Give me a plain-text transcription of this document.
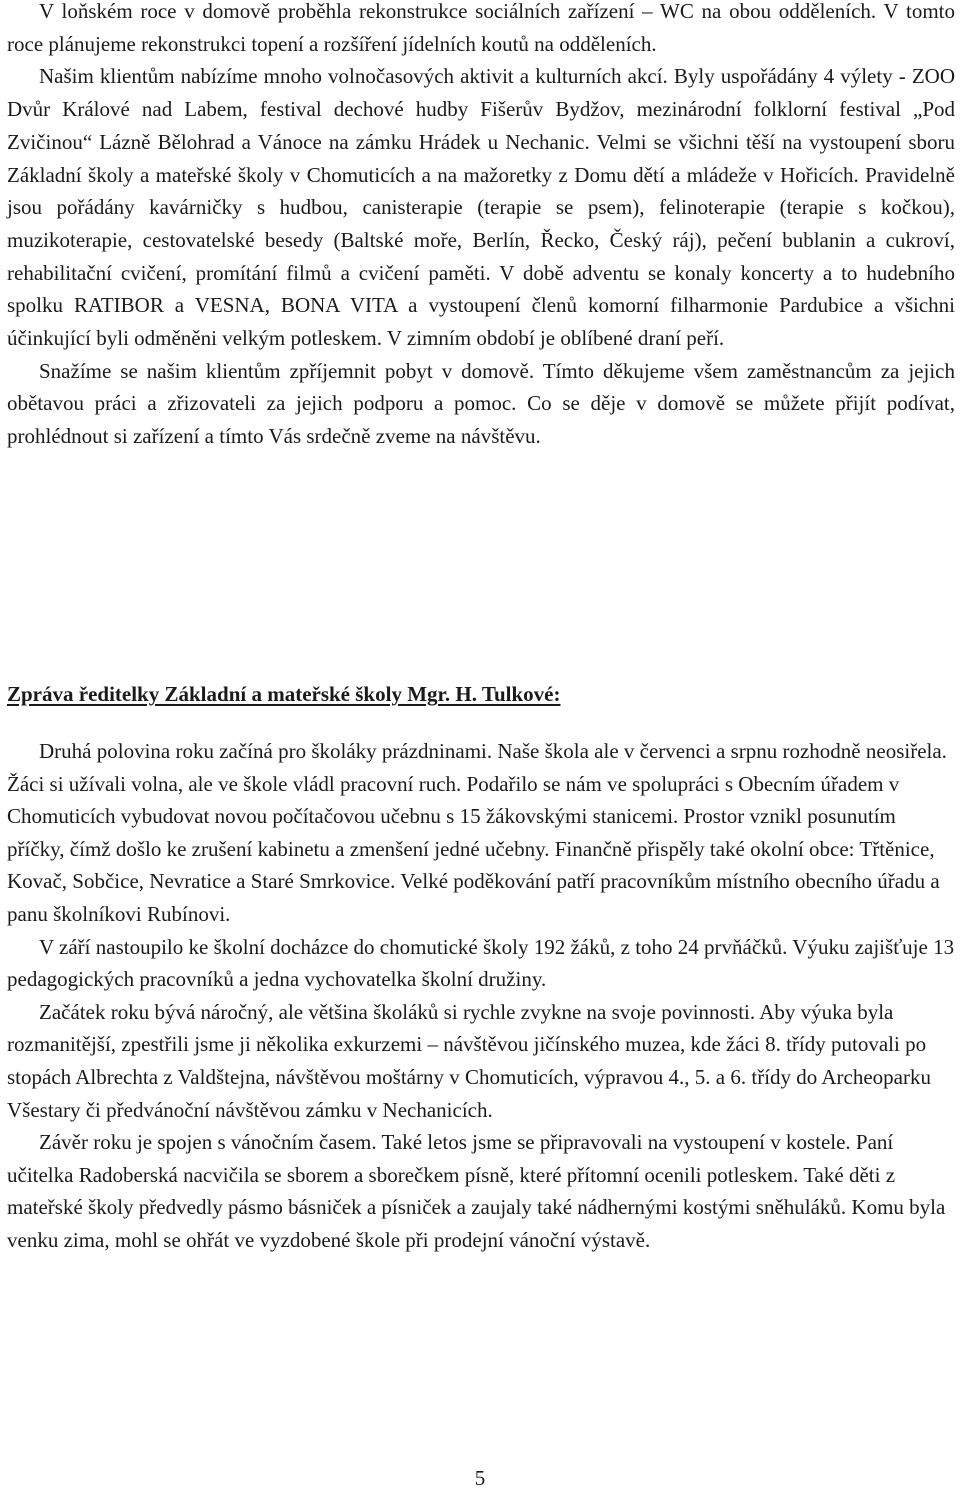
V loňském roce v domově proběhla rekonstrukce sociálních zařízení – WC na obou odděleních. V tomto roce plánujeme rekonstrukci topení a rozšíření jídelních koutů na odděleních.

Našim klientům nabízíme mnoho volnočasových aktivit a kulturních akcí. Byly uspořádány 4 výlety - ZOO Dvůr Králové nad Labem, festival dechové hudby Fišerův Bydžov, mezinárodní folklorní festival „Pod Zvičinou“ Lázně Bělohrad a Vánoce na zámku Hrádek u Nechanic. Velmi se všichni těší na vystoupení sboru Základní školy a mateřské školy v Chomuticích a na mažoretky z Domu dětí a mládeže v Hořicích. Pravidelně jsou pořádány kavárničky s hudbou, canisterapie (terapie se psem), felinoterapie (terapie s kočkou), muzikoterapie, cestovatelské besedy (Baltské moře, Berlín, Řecko, Český ráj), pečení bublanin a cukroví, rehabilitační cvičení, promítání filmů a cvičení paměti. V době adventu se konaly koncerty a to hudebního spolku RATIBOR a VESNA, BONA VITA a vystoupení členů komorní filharmonie Pardubice a všichni účinkující byli odměněni velkým potleskem. V zimním období je oblíbené draní peří.

Snažíme se našim klientům zpříjemnit pobyt v domově. Tímto děkujeme všem zaměstnancům za jejich obětavou práci a zřizovateli za jejich podporu a pomoc. Co se děje v domově se můžete přijít podívat, prohlédnout si zařízení a tímto Vás srdečně zveme na návštěvu.

Zpráva ředitelky Základní a mateřské školy Mgr. H. Tulkové:

Druhá polovina roku začíná pro školáky prázdninami. Naše škola ale v červenci a srpnu rozhodně neosiřela. Žáci si užívali volna, ale ve škole vládl pracovní ruch. Podařilo se nám ve spolupráci s Obecním úřadem v Chomuticích vybudovat novou počítačovou učebnu s 15 žákovskými stanicemi. Prostor vznikl posunutím příčky, čímž došlo ke zrušení kabinetu a zmenšení jedné učebny. Finančně přispěly také okolní obce: Třtěnice, Kovač, Sobčice, Nevratice a Staré Smrkovice. Velké poděkování patří pracovníkům místního obecního úřadu a panu školníkovi Rubínovi.

V září nastoupilo ke školní docházce do chomutické školy 192 žáků, z toho 24 prvňáčků. Výuku zajišťuje 13 pedagogických pracovníků a jedna vychovatelka školní družiny.

Začátek roku bývá náročný, ale většina školáků si rychle zvykne na svoje povinnosti. Aby výuka byla rozmanitější, zpestřili jsme ji několika exkurzemi – návštěvou jičínského muzea, kde žáci 8. třídy putovali po stopách Albrechta z Valdštejna, návštěvou moštárny v Chomuticích, výpravou 4., 5. a 6. třídy do Archeoparku Všestary či předvánoční návštěvou zámku v Nechanicích.

Závěr roku je spojen s vánočním časem. Také letos jsme se připravovali na vystoupení v kostele. Paní učitelka Radoberská nacvičila se sborem a sborečkem písně, které přítomní ocenili potleskem. Také děti z mateřské školy předvedly pásmo básniček a písniček a zaujaly také nádhernými kostými sněhuláků. Komu byla venku zima, mohl se ohřát ve vyzdobené škole při prodejní vánoční výstavě.

5
